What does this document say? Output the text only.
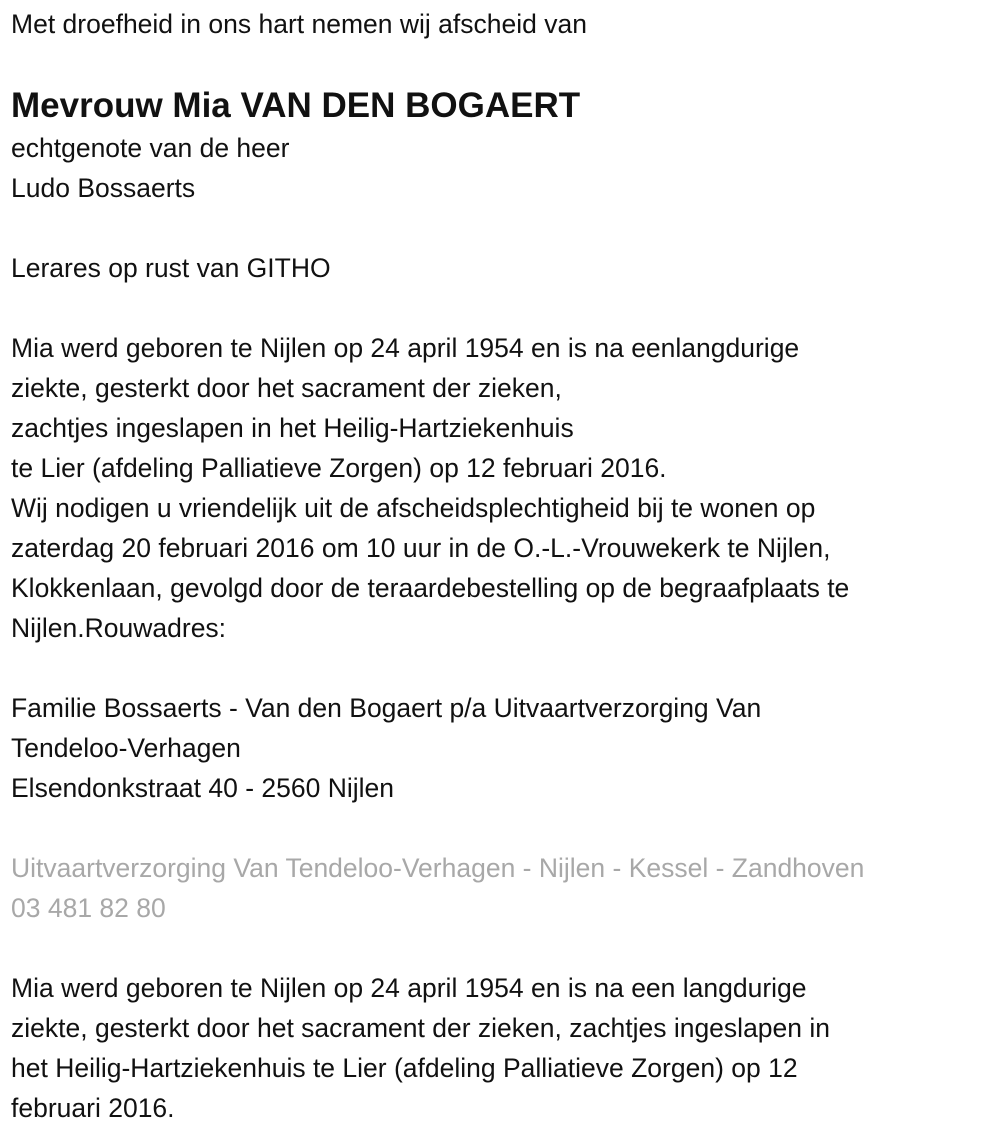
Met droefheid in ons hart nemen wij afscheid van
Mevrouw Mia VAN DEN BOGAERT
echtgenote van de heer
Ludo Bossaerts
Lerares op rust van GITHO
Mia werd geboren te Nijlen op 24 april 1954 en is na eenlangdurige
ziekte, gesterkt door het sacrament der zieken,
zachtjes ingeslapen in het Heilig-Hartziekenhuis
te Lier (afdeling Palliatieve Zorgen) op 12 februari 2016.
Wij nodigen u vriendelijk uit de afscheidsplechtigheid bij te wonen op
zaterdag 20 februari 2016 om 10 uur in de O.-L.-Vrouwekerk te Nijlen,
Klokkenlaan, gevolgd door de teraardebestelling op de begraafplaats te
Nijlen.Rouwadres:
Familie Bossaerts - Van den Bogaert p/a Uitvaartverzorging Van
Tendeloo-Verhagen
Elsendonkstraat 40 - 2560 Nijlen
Uitvaartverzorging Van Tendeloo-Verhagen - Nijlen - Kessel - Zandhoven
03 481 82 80
Mia werd geboren te Nijlen op 24 april 1954 en is na een langdurige
ziekte, gesterkt door het sacrament der zieken, zachtjes ingeslapen in
het Heilig-Hartziekenhuis te Lier (afdeling Palliatieve Zorgen) op 12
februari 2016.
